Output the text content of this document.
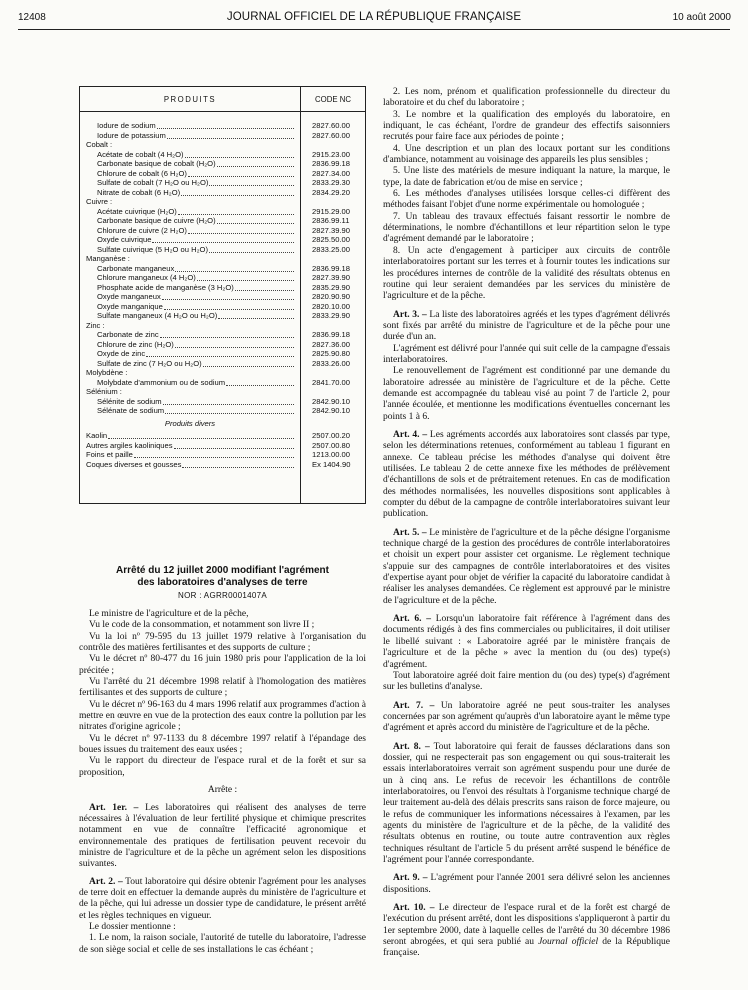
12408	JOURNAL OFFICIEL DE LA RÉPUBLIQUE FRANÇAISE	10 août 2000
PRODUITS	CODE NC
Iodure de sodium	2827.60.00
Iodure de potassium	2827.60.00
Cobalt :
Acétate de cobalt (4 H₂O)	2915.23.00
Carbonate basique de cobalt (H₂O)	2836.99.18
Chlorure de cobalt (6 H₂O)	2827.34.00
Sulfate de cobalt (7 H₂O ou H₂O)	2833.29.30
Nitrate de cobalt (6 H₂O)	2834.29.20
Cuivre :
Acétate cuivrique (H₂O)	2915.29.00
Carbonate basique de cuivre (H₂O)	2836.99.11
Chlorure de cuivre (2 H₂O)	2827.39.90
Oxyde cuivrique	2825.50.00
Sulfate cuivrique (5 H₂O ou H₂O)	2833.25.00
Manganèse :
Carbonate manganeux	2836.99.18
Chlorure manganeux (4 H₂O)	2827.39.90
Phosphate acide de manganèse (3 H₂O)	2835.29.90
Oxyde manganeux	2820.90.90
Oxyde manganique	2820.10.00
Sulfate manganeux (4 H₂O ou H₂O)	2833.29.90
Zinc :
Carbonate de zinc	2836.99.18
Chlorure de zinc (H₂O)	2827.36.00
Oxyde de zinc	2825.90.80
Sulfate de zinc (7 H₂O ou H₂O)	2833.26.00
Molybdène :
Molybdate d'ammonium ou de sodium	2841.70.00
Sélénium :
Sélénite de sodium	2842.90.10
Sélénate de sodium	2842.90.10
Produits divers
Kaolin	2507.00.20
Autres argiles kaoliniques	2507.00.80
Foins et paille	1213.00.00
Coques diverses et gousses	Ex 1404.90
Arrêté du 12 juillet 2000 modifiant l'agrément
des laboratoires d'analyses de terre
NOR : AGRR0001407A

Le ministre de l'agriculture et de la pêche,

Vu le code de la consommation, et notamment son livre II ;

Vu la loi nº 79-595 du 13 juillet 1979 relative à l'organisation du contrôle des matières fertilisantes et des supports de culture ;

Vu le décret nº 80-477 du 16 juin 1980 pris pour l'application de la loi précitée ;

Vu l'arrêté du 21 décembre 1998 relatif à l'homologation des matières fertilisantes et des supports de culture ;

Vu le décret nº 96-163 du 4 mars 1996 relatif aux programmes d'action à mettre en œuvre en vue de la protection des eaux contre la pollution par les nitrates d'origine agricole ;

Vu le décret nº 97-1133 du 8 décembre 1997 relatif à l'épandage des boues issues du traitement des eaux usées ;

Vu le rapport du directeur de l'espace rural et de la forêt et sur sa proposition,

Arrête :

Art. 1er. – Les laboratoires qui réalisent des analyses de terre nécessaires à l'évaluation de leur fertilité physique et chimique prescrites notamment en vue de connaître l'efficacité agronomique et environnementale des pratiques de fertilisation peuvent recevoir du ministre de l'agriculture et de la pêche un agrément selon les dispositions suivantes.

Art. 2. – Tout laboratoire qui désire obtenir l'agrément pour les analyses de terre doit en effectuer la demande auprès du ministère de l'agriculture et de la pêche, qui lui adresse un dossier type de candidature, le présent arrêté et les règles techniques en vigueur.

Le dossier mentionne :

1. Le nom, la raison sociale, l'autorité de tutelle du laboratoire, l'adresse de son siège social et celle de ses installations le cas échéant ;

2. Les nom, prénom et qualification professionnelle du directeur du laboratoire et du chef du laboratoire ;

3. Le nombre et la qualification des employés du laboratoire, en indiquant, le cas échéant, l'ordre de grandeur des effectifs saisonniers recrutés pour faire face aux périodes de pointe ;

4. Une description et un plan des locaux portant sur les conditions d'ambiance, notamment au voisinage des appareils les plus sensibles ;

5. Une liste des matériels de mesure indiquant la nature, la marque, le type, la date de fabrication et/ou de mise en service ;

6. Les méthodes d'analyses utilisées lorsque celles-ci diffèrent des méthodes faisant l'objet d'une norme expérimentale ou homologuée ;

7. Un tableau des travaux effectués faisant ressortir le nombre de déterminations, le nombre d'échantillons et leur répartition selon le type d'agrément demandé par le laboratoire ;

8. Un acte d'engagement à participer aux circuits de contrôle interlaboratoires portant sur les terres et à fournir toutes les indications sur les procédures internes de contrôle de la validité des résultats obtenus en routine qui leur seraient demandées par les services du ministère de l'agriculture et de la pêche.

Art. 3. – La liste des laboratoires agréés et les types d'agrément délivrés sont fixés par arrêté du ministre de l'agriculture et de la pêche pour une durée d'un an.

L'agrément est délivré pour l'année qui suit celle de la campagne d'essais interlaboratoires.

Le renouvellement de l'agrément est conditionné par une demande du laboratoire adressée au ministère de l'agriculture et de la pêche. Cette demande est accompagnée du tableau visé au point 7 de l'article 2, pour l'année écoulée, et mentionne les modifications éventuelles concernant les points 1 à 6.

Art. 4. – Les agréments accordés aux laboratoires sont classés par type, selon les déterminations retenues, conformément au tableau 1 figurant en annexe. Ce tableau précise les méthodes d'analyse qui doivent être utilisées. Le tableau 2 de cette annexe fixe les méthodes de prélèvement d'échantillons de sols et de prétraitement retenues. En cas de modification des méthodes normalisées, les nouvelles dispositions sont applicables à compter du début de la campagne de contrôle interlaboratoires suivant leur publication.

Art. 5. – Le ministère de l'agriculture et de la pêche désigne l'organisme technique chargé de la gestion des procédures de contrôle interlaboratoires et choisit un expert pour assister cet organisme. Le règlement technique s'appuie sur des campagnes de contrôle interlaboratoires et des visites d'expertise ayant pour objet de vérifier la capacité du laboratoire candidat à réaliser les analyses demandées. Ce règlement est approuvé par le ministre de l'agriculture et de la pêche.

Art. 6. – Lorsqu'un laboratoire fait référence à l'agrément dans des documents rédigés à des fins commerciales ou publicitaires, il doit utiliser le libellé suivant : « Laboratoire agréé par le ministère français de l'agriculture et de la pêche » avec la mention du (ou des) type(s) d'agrément.

Tout laboratoire agréé doit faire mention du (ou des) type(s) d'agrément sur les bulletins d'analyse.

Art. 7. – Un laboratoire agréé ne peut sous-traiter les analyses concernées par son agrément qu'auprès d'un laboratoire ayant le même type d'agrément et après accord du ministère de l'agriculture et de la pêche.

Art. 8. – Tout laboratoire qui ferait de fausses déclarations dans son dossier, qui ne respecterait pas son engagement ou qui sous-traiterait les essais interlaboratoires verrait son agrément suspendu pour une durée de un à cinq ans. Le refus de recevoir les échantillons de contrôle interlaboratoires, ou l'envoi des résultats à l'organisme technique chargé de leur traitement au-delà des délais prescrits sans raison de force majeure, ou le refus de communiquer les informations nécessaires à l'examen, par les agents du ministère de l'agriculture et de la pêche, de la validité des résultats obtenus en routine, ou toute autre contravention aux règles techniques résultant de l'article 5 du présent arrêté suspend le bénéfice de l'agrément pour l'année correspondante.

Art. 9. – L'agrément pour l'année 2001 sera délivré selon les anciennes dispositions.

Art. 10. – Le directeur de l'espace rural et de la forêt est chargé de l'exécution du présent arrêté, dont les dispositions s'appliqueront à partir du 1er septembre 2000, date à laquelle celles de l'arrêté du 30 décembre 1986 seront abrogées, et qui sera publié au Journal officiel de la République française.
